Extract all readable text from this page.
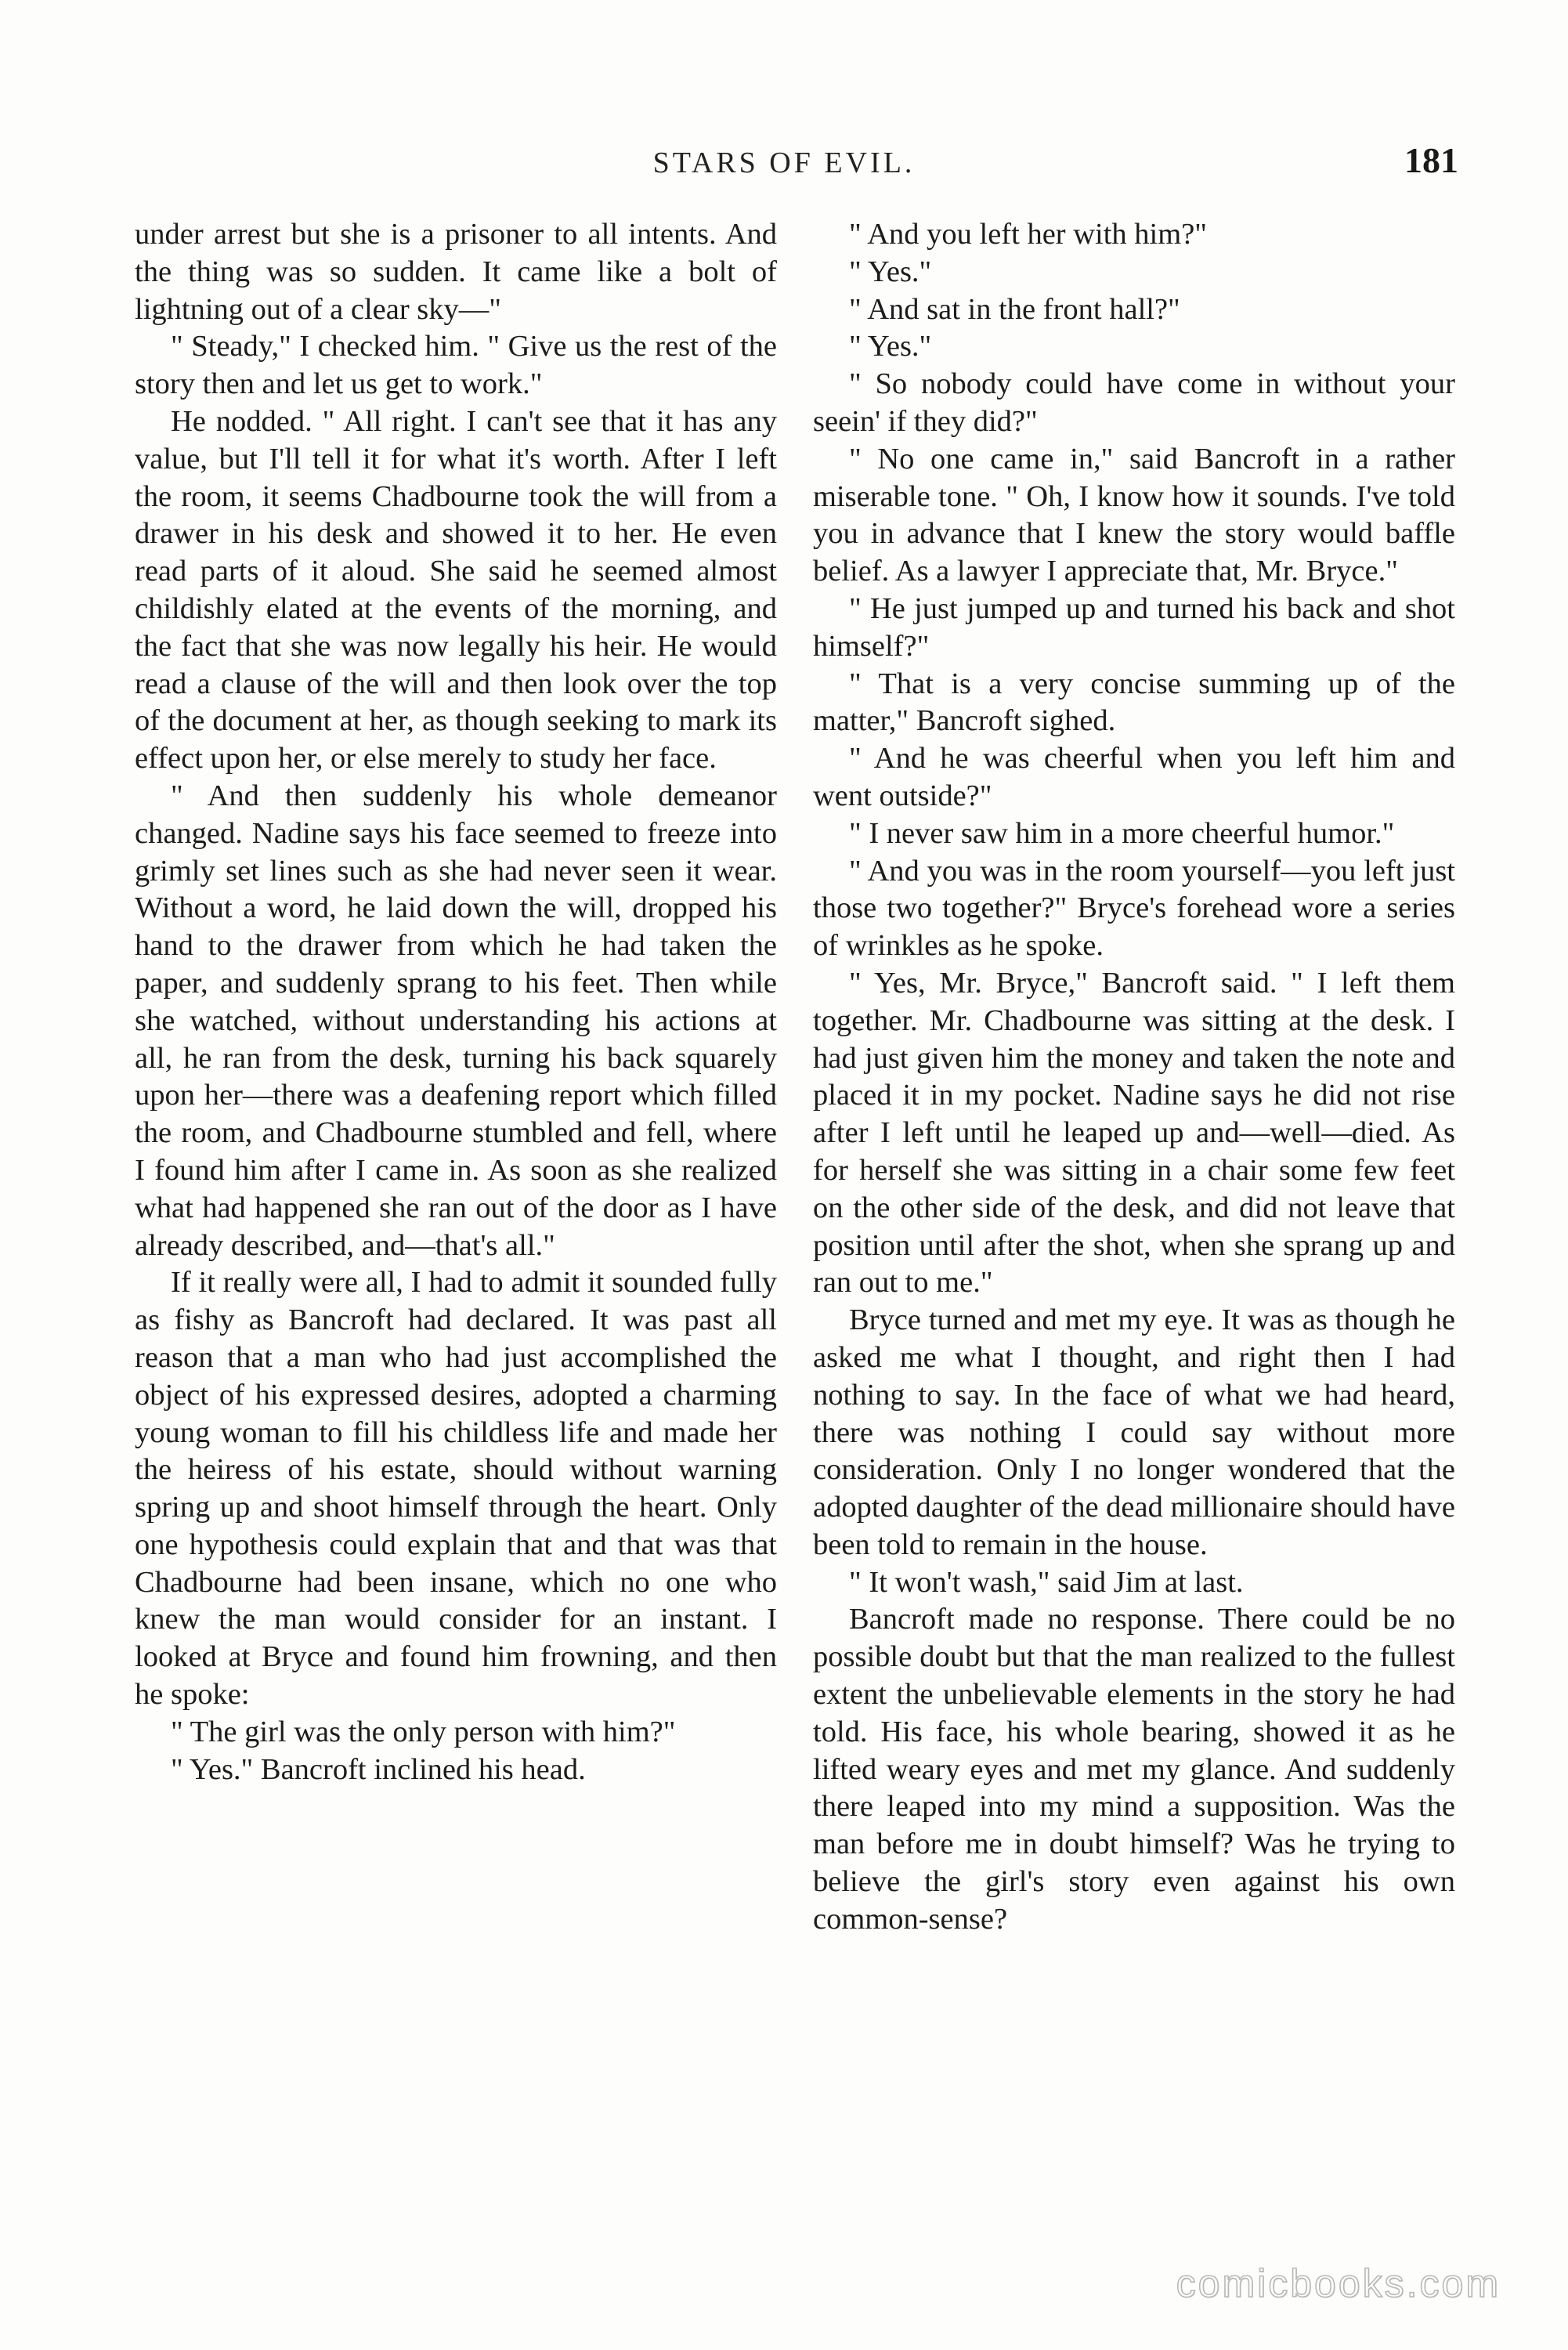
STARS OF EVIL.	181

under arrest but she is a prisoner to all intents. And the thing was so sudden. It came like a bolt of lightning out of a clear sky—"

" Steady," I checked him. " Give us the rest of the story then and let us get to work."

He nodded. " All right. I can't see that it has any value, but I'll tell it for what it's worth. After I left the room, it seems Chadbourne took the will from a drawer in his desk and showed it to her. He even read parts of it aloud. She said he seemed almost childishly elated at the events of the morning, and the fact that she was now legally his heir. He would read a clause of the will and then look over the top of the document at her, as though seeking to mark its effect upon her, or else merely to study her face.

" And then suddenly his whole demeanor changed. Nadine says his face seemed to freeze into grimly set lines such as she had never seen it wear. Without a word, he laid down the will, dropped his hand to the drawer from which he had taken the paper, and suddenly sprang to his feet. Then while she watched, without understanding his actions at all, he ran from the desk, turning his back squarely upon her—there was a deafening report which filled the room, and Chadbourne stumbled and fell, where I found him after I came in. As soon as she realized what had happened she ran out of the door as I have already described, and—that's all."

If it really were all, I had to admit it sounded fully as fishy as Bancroft had declared. It was past all reason that a man who had just accomplished the object of his expressed desires, adopted a charming young woman to fill his childless life and made her the heiress of his estate, should without warning spring up and shoot himself through the heart. Only one hypothesis could explain that and that was that Chadbourne had been insane, which no one who knew the man would consider for an instant. I looked at Bryce and found him frowning, and then he spoke:

" The girl was the only person with him?"

" Yes." Bancroft inclined his head.

" And you left her with him?"

" Yes."

" And sat in the front hall?"

" Yes."

" So nobody could have come in without your seein' if they did?"

" No one came in," said Bancroft in a rather miserable tone. " Oh, I know how it sounds. I've told you in advance that I knew the story would baffle belief. As a lawyer I appreciate that, Mr. Bryce."

" He just jumped up and turned his back and shot himself?"

" That is a very concise summing up of the matter," Bancroft sighed.

" And he was cheerful when you left him and went outside?"

" I never saw him in a more cheerful humor."

" And you was in the room yourself—you left just those two together?" Bryce's forehead wore a series of wrinkles as he spoke.

" Yes, Mr. Bryce," Bancroft said. " I left them together. Mr. Chadbourne was sitting at the desk. I had just given him the money and taken the note and placed it in my pocket. Nadine says he did not rise after I left until he leaped up and—well—died. As for herself she was sitting in a chair some few feet on the other side of the desk, and did not leave that position until after the shot, when she sprang up and ran out to me."

Bryce turned and met my eye. It was as though he asked me what I thought, and right then I had nothing to say. In the face of what we had heard, there was nothing I could say without more consideration. Only I no longer wondered that the adopted daughter of the dead millionaire should have been told to remain in the house.

" It won't wash," said Jim at last.

Bancroft made no response. There could be no possible doubt but that the man realized to the fullest extent the unbelievable elements in the story he had told. His face, his whole bearing, showed it as he lifted weary eyes and met my glance. And suddenly there leaped into my mind a supposition. Was the man before me in doubt himself? Was he trying to believe the girl's story even against his own common-sense?

comicbooks.com
